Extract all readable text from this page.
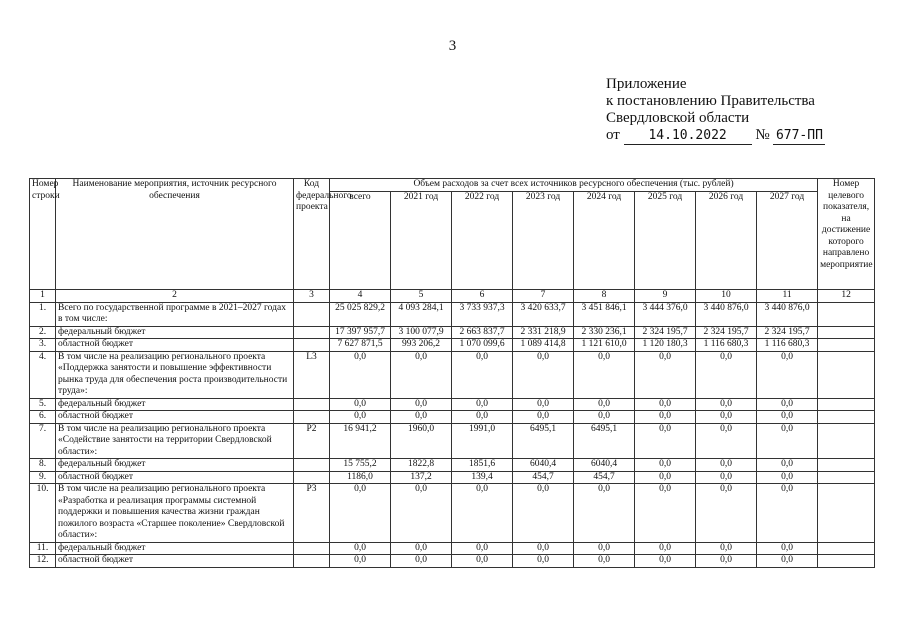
3
Приложение
к постановлению Правительства
Свердловской области
от 14.10.2022 № 677-ПП
Номер строки	Наименование мероприятия, источник ресурсного обеспечения	Код федерального проекта	Объем расходов за счет всех источников ресурсного обеспечения (тыс. рублей)								Номер целевого показателя, на достижение которого направлено мероприятие
			всего	2021 год	2022 год	2023 год	2024 год	2025 год	2026 год	2027 год	
1	2	3	4	5	6	7	8	9	10	11	12
1.	Всего по государственной программе в 2021–2027 годах в том числе:		25 025 829,2	4 093 284,1	3 733 937,3	3 420 633,7	3 451 846,1	3 444 376,0	3 440 876,0	3 440 876,0	
2.	федеральный бюджет		17 397 957,7	3 100 077,9	2 663 837,7	2 331 218,9	2 330 236,1	2 324 195,7	2 324 195,7	2 324 195,7	
3.	областной бюджет		7 627 871,5	993 206,2	1 070 099,6	1 089 414,8	1 121 610,0	1 120 180,3	1 116 680,3	1 116 680,3	
4.	В том числе на реализацию регионального проекта «Поддержка занятости и повышение эффективности рынка труда для обеспечения роста производительности труда»:	L3	0,0	0,0	0,0	0,0	0,0	0,0	0,0	0,0	
5.	федеральный бюджет		0,0	0,0	0,0	0,0	0,0	0,0	0,0	0,0	
6.	областной бюджет		0,0	0,0	0,0	0,0	0,0	0,0	0,0	0,0	
7.	В том числе на реализацию регионального проекта «Содействие занятости на территории Свердловской области»:	P2	16 941,2	1960,0	1991,0	6495,1	6495,1	0,0	0,0	0,0	
8.	федеральный бюджет		15 755,2	1822,8	1851,6	6040,4	6040,4	0,0	0,0	0,0	
9.	областной бюджет		1186,0	137,2	139,4	454,7	454,7	0,0	0,0	0,0	
10.	В том числе на реализацию регионального проекта «Разработка и реализация программы системной поддержки и повышения качества жизни граждан пожилого возраста «Старшее поколение» Свердловской области»:	P3	0,0	0,0	0,0	0,0	0,0	0,0	0,0	0,0	
11.	федеральный бюджет		0,0	0,0	0,0	0,0	0,0	0,0	0,0	0,0	
12.	областной бюджет		0,0	0,0	0,0	0,0	0,0	0,0	0,0	0,0	
